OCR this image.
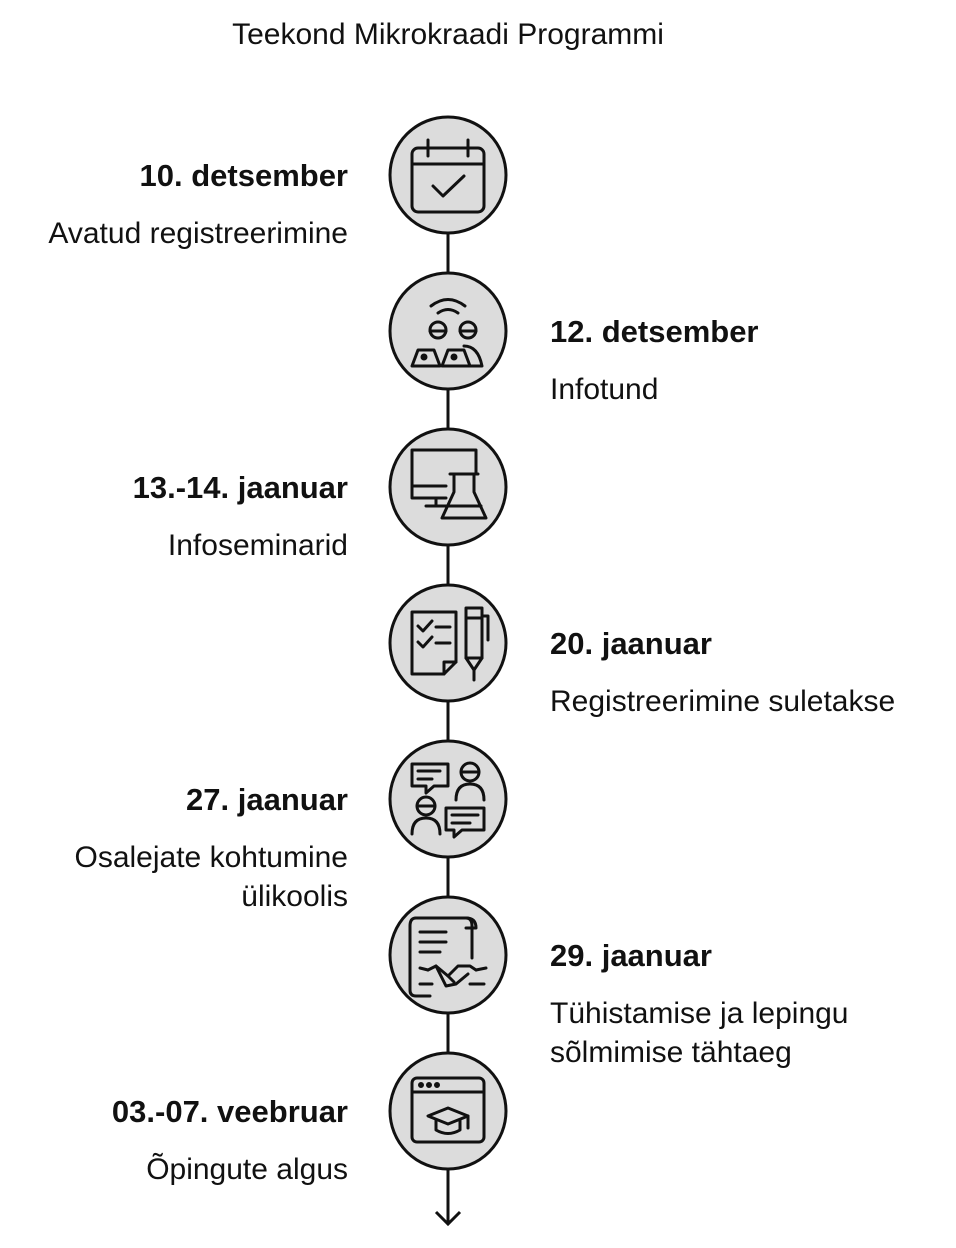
Teekond Mikrokraadi Programmi
10. detsember
Avatud registreerimine
12. detsember
Infotund
13.-14. jaanuar
Infoseminarid
20. jaanuar
Registreerimine suletakse
27. jaanuar
Osalejate kohtumine ülikoolis
29. jaanuar
Tühistamise ja lepingu sõlmimise tähtaeg
03.-07. veebruar
Õpingute algus
